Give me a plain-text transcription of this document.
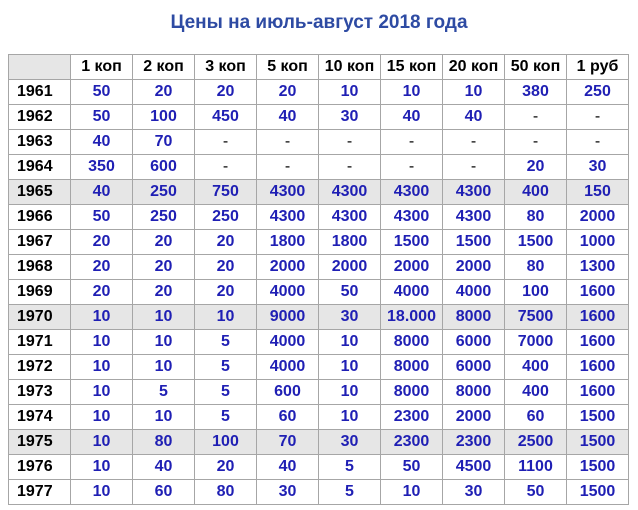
Цены на июль-август 2018 года
	1 коп	2 коп	3 коп	5 коп	10 коп	15 коп	20 коп	50 коп	1 руб
1961	50	20	20	20	10	10	10	380	250
1962	50	100	450	40	30	40	40	-	-
1963	40	70	-	-	-	-	-	-	-
1964	350	600	-	-	-	-	-	20	30
1965	40	250	750	4300	4300	4300	4300	400	150
1966	50	250	250	4300	4300	4300	4300	80	2000
1967	20	20	20	1800	1800	1500	1500	1500	1000
1968	20	20	20	2000	2000	2000	2000	80	1300
1969	20	20	20	4000	50	4000	4000	100	1600
1970	10	10	10	9000	30	18.000	8000	7500	1600
1971	10	10	5	4000	10	8000	6000	7000	1600
1972	10	10	5	4000	10	8000	6000	400	1600
1973	10	5	5	600	10	8000	8000	400	1600
1974	10	10	5	60	10	2300	2000	60	1500
1975	10	80	100	70	30	2300	2300	2500	1500
1976	10	40	20	40	5	50	4500	1100	1500
1977	10	60	80	30	5	10	30	50	1500
